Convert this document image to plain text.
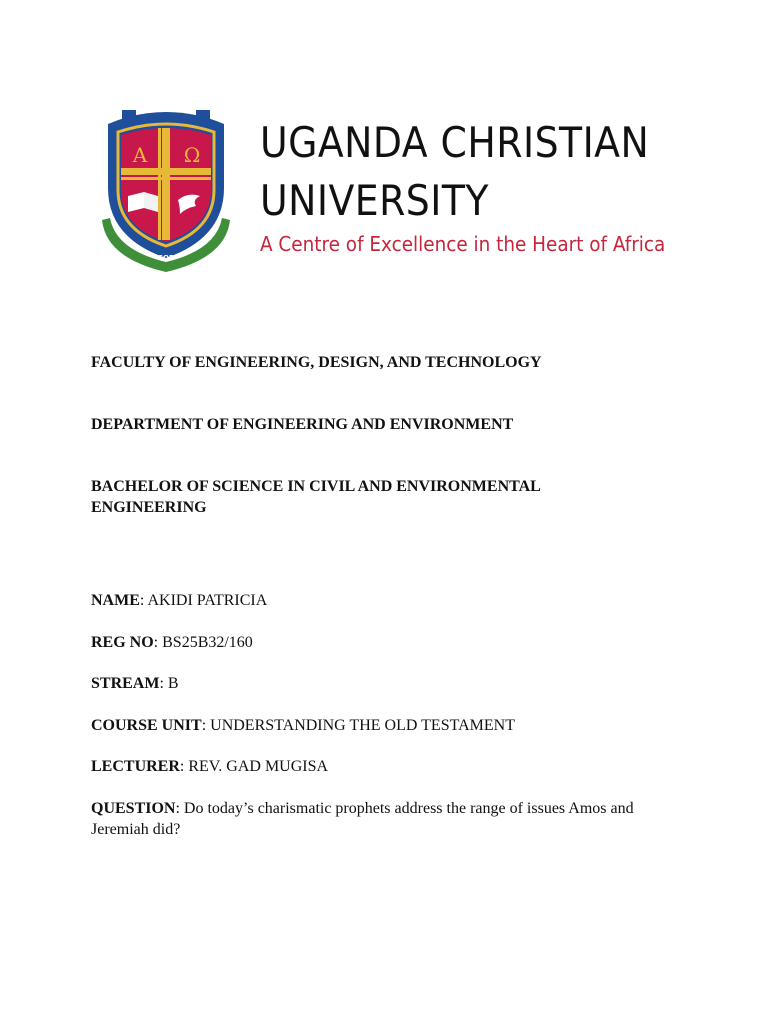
GOD
A Ω UGANDA CHRISTIAN
UNIVERSITY
A Centre of Excellence in the Heart of Africa

FACULTY OF ENGINEERING, DESIGN, AND TECHNOLOGY

DEPARTMENT OF ENGINEERING AND ENVIRONMENT

BACHELOR OF SCIENCE IN CIVIL AND ENVIRONMENTAL ENGINEERING

NAME: AKIDI PATRICIA

REG NO: BS25B32/160

STREAM: B

COURSE UNIT: UNDERSTANDING THE OLD TESTAMENT

LECTURER: REV. GAD MUGISA

QUESTION: Do today’s charismatic prophets address the range of issues Amos and Jeremiah did?
